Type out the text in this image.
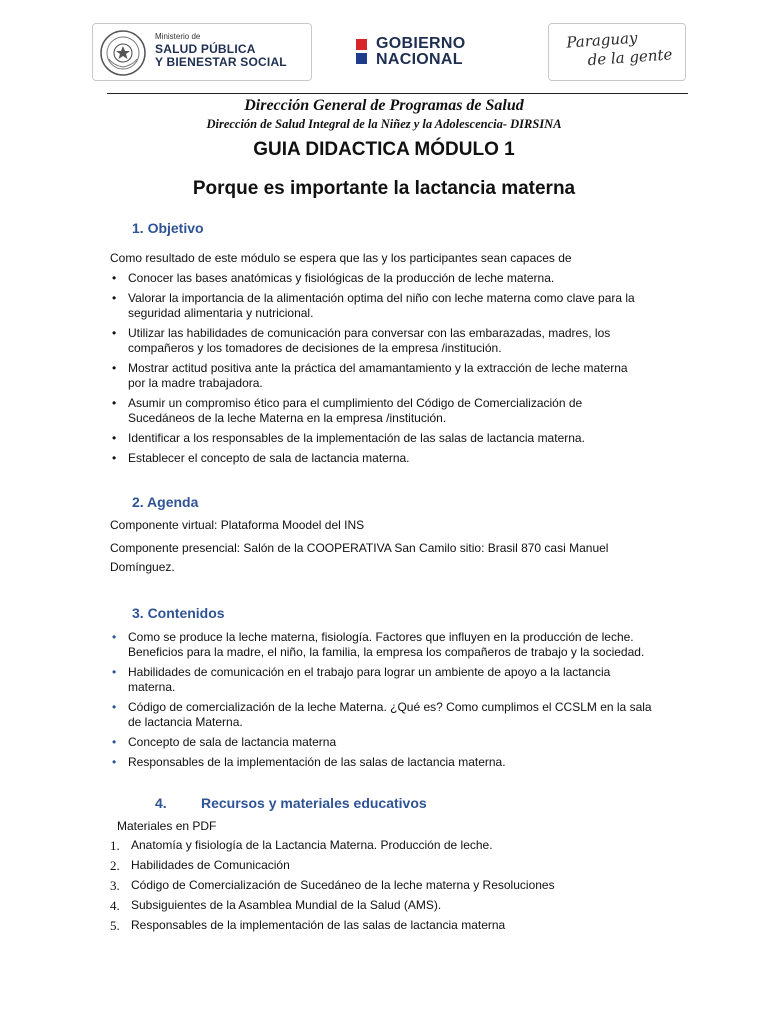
Ministerio de
SALUD PÚBLICA
Y BIENESTAR SOCIAL
GOBIERNO
NACIONAL
Paraguay
de la gente
Dirección General de Programas de Salud
Dirección de Salud Integral de la Niñez y la Adolescencia- DIRSINA
GUIA DIDACTICA MÓDULO 1
Porque es importante la lactancia materna
1. Objetivo
Como resultado de este módulo se espera que las y los participantes sean capaces de
• Conocer las bases anatómicas y fisiológicas de la producción de leche materna.
• Valorar la importancia de la alimentación optima del niño con leche materna como clave para la
seguridad alimentaria y nutricional.
• Utilizar las habilidades de comunicación para conversar con las embarazadas, madres, los
compañeros y los tomadores de decisiones de la empresa /institución.
• Mostrar actitud positiva ante la práctica del amamantamiento y la extracción de leche materna
por la madre trabajadora.
• Asumir un compromiso ético para el cumplimiento del Código de Comercialización de
Sucedáneos de la leche Materna en la empresa /institución.
• Identificar a los responsables de la implementación de las salas de lactancia materna.
• Establecer el concepto de sala de lactancia materna.
2. Agenda
Componente virtual: Plataforma Moodel del INS
Componente presencial: Salón de la COOPERATIVA San Camilo sitio: Brasil 870 casi Manuel
Domínguez.
3. Contenidos
• Como se produce la leche materna, fisiología. Factores que influyen en la producción de leche.
Beneficios para la madre, el niño, la familia, la empresa los compañeros de trabajo y la sociedad.
• Habilidades de comunicación en el trabajo para lograr un ambiente de apoyo a la lactancia
materna.
• Código de comercialización de la leche Materna. ¿Qué es? Como cumplimos el CCSLM en la sala
de lactancia Materna.
• Concepto de sala de lactancia materna
• Responsables de la implementación de las salas de lactancia materna.
4. Recursos y materiales educativos
Materiales en PDF
1. Anatomía y fisiología de la Lactancia Materna. Producción de leche.
2. Habilidades de Comunicación
3. Código de Comercialización de Sucedáneo de la leche materna y Resoluciones
4. Subsiguientes de la Asamblea Mundial de la Salud (AMS).
5. Responsables de la implementación de las salas de lactancia materna
